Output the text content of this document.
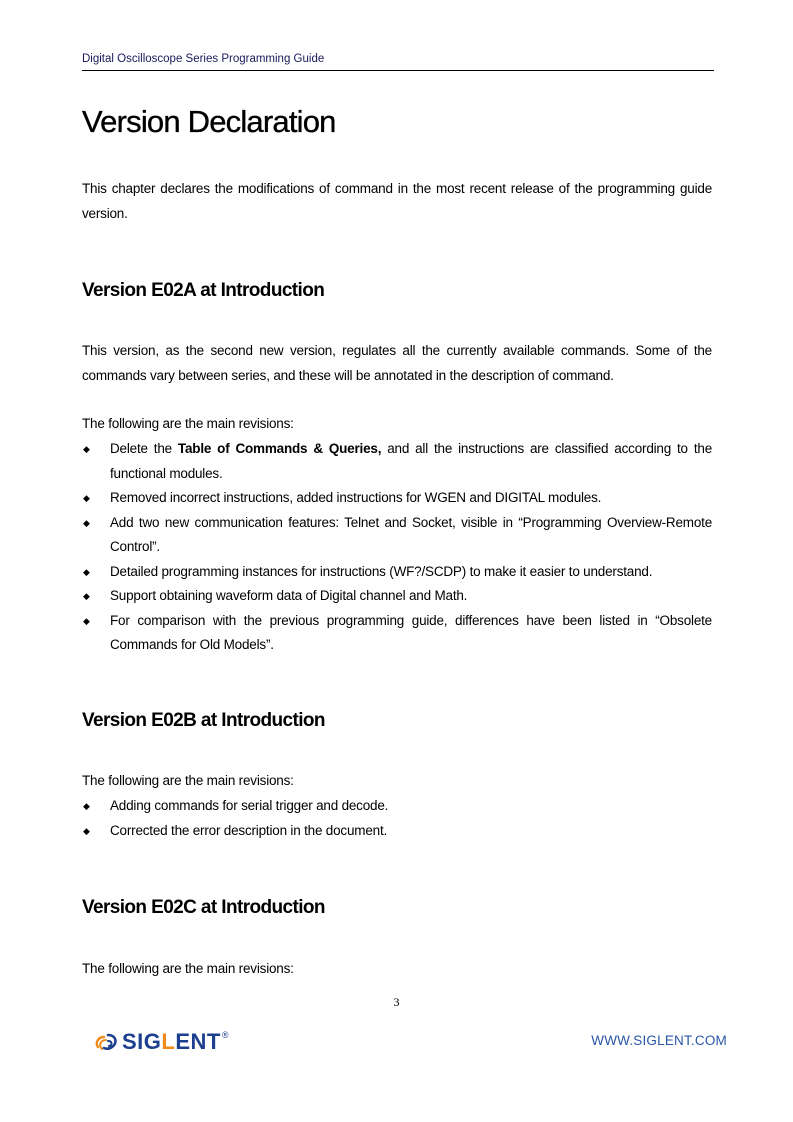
Digital Oscilloscope Series Programming Guide
Version Declaration

This chapter declares the modifications of command in the most recent release of the programming guide version.

Version E02A at Introduction

This version, as the second new version, regulates all the currently available commands. Some of the commands vary between series, and these will be annotated in the description of command.

The following are the main revisions:

◆ Delete the Table of Commands & Queries, and all the instructions are classified according to the functional modules.
◆ Removed incorrect instructions, added instructions for WGEN and DIGITAL modules.
◆ Add two new communication features: Telnet and Socket, visible in “Programming Overview-Remote Control”.
◆ Detailed programming instances for instructions (WF?/SCDP) to make it easier to understand.
◆ Support obtaining waveform data of Digital channel and Math.
◆ For comparison with the previous programming guide, differences have been listed in “Obsolete Commands for Old Models”.
Version E02B at Introduction

The following are the main revisions:

◆ Adding commands for serial trigger and decode.
◆ Corrected the error description in the document.
Version E02C at Introduction

The following are the main revisions:

3
SIGLENT ®	WWW.SIGLENT.COM
